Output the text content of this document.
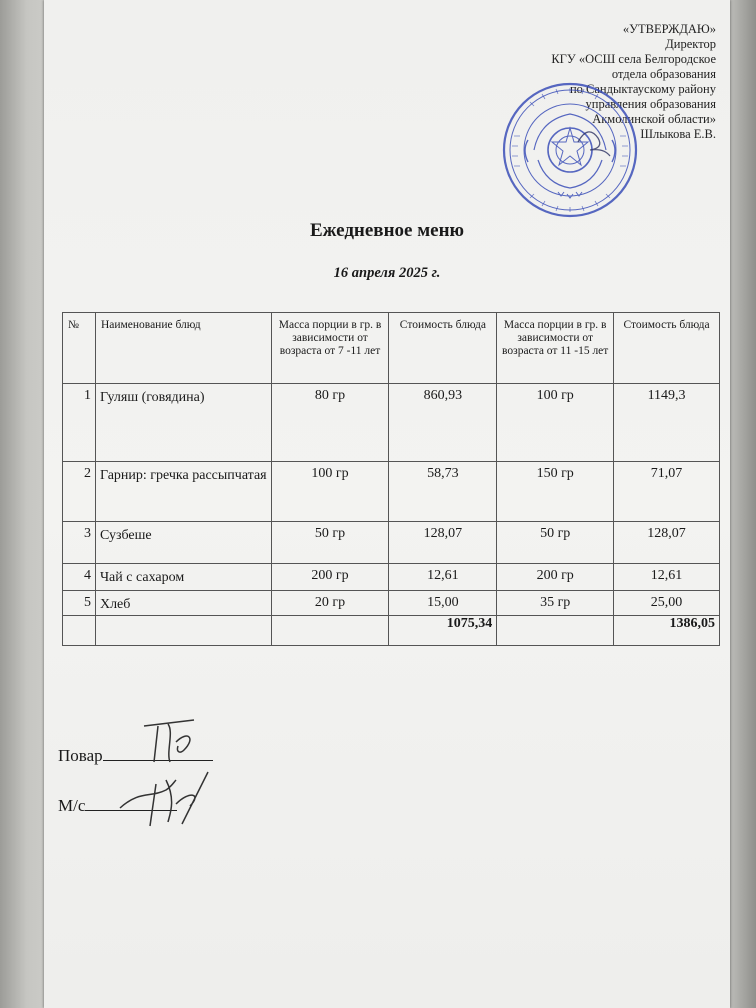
«УТВЕРЖДАЮ»
Директор
КГУ «ОСШ села Белгородское
отдела образования
по Сандыктаускому району
управления образования
Акмолинской области»
Шлыкова Е.В.
Ежедневное меню
16 апреля 2025 г.
№	Наименование блюд	Масса порции в гр. в зависимости от возраста от 7 -11 лет	Стоимость блюда	Масса порции в гр. в зависимости от возраста от 11 -15 лет	Стоимость блюда
1	Гуляш (говядина)	80 гр	860,93	100 гр	1149,3
2	Гарнир: гречка рассыпчатая	100 гр	58,73	150 гр	71,07
3	Сузбеше	50 гр	128,07	50 гр	128,07
4	Чай с сахаром	200 гр	12,61	200 гр	12,61
5	Хлеб	20 гр	15,00	35 гр	25,00
			1075,34		1386,05
Повар
М/с
